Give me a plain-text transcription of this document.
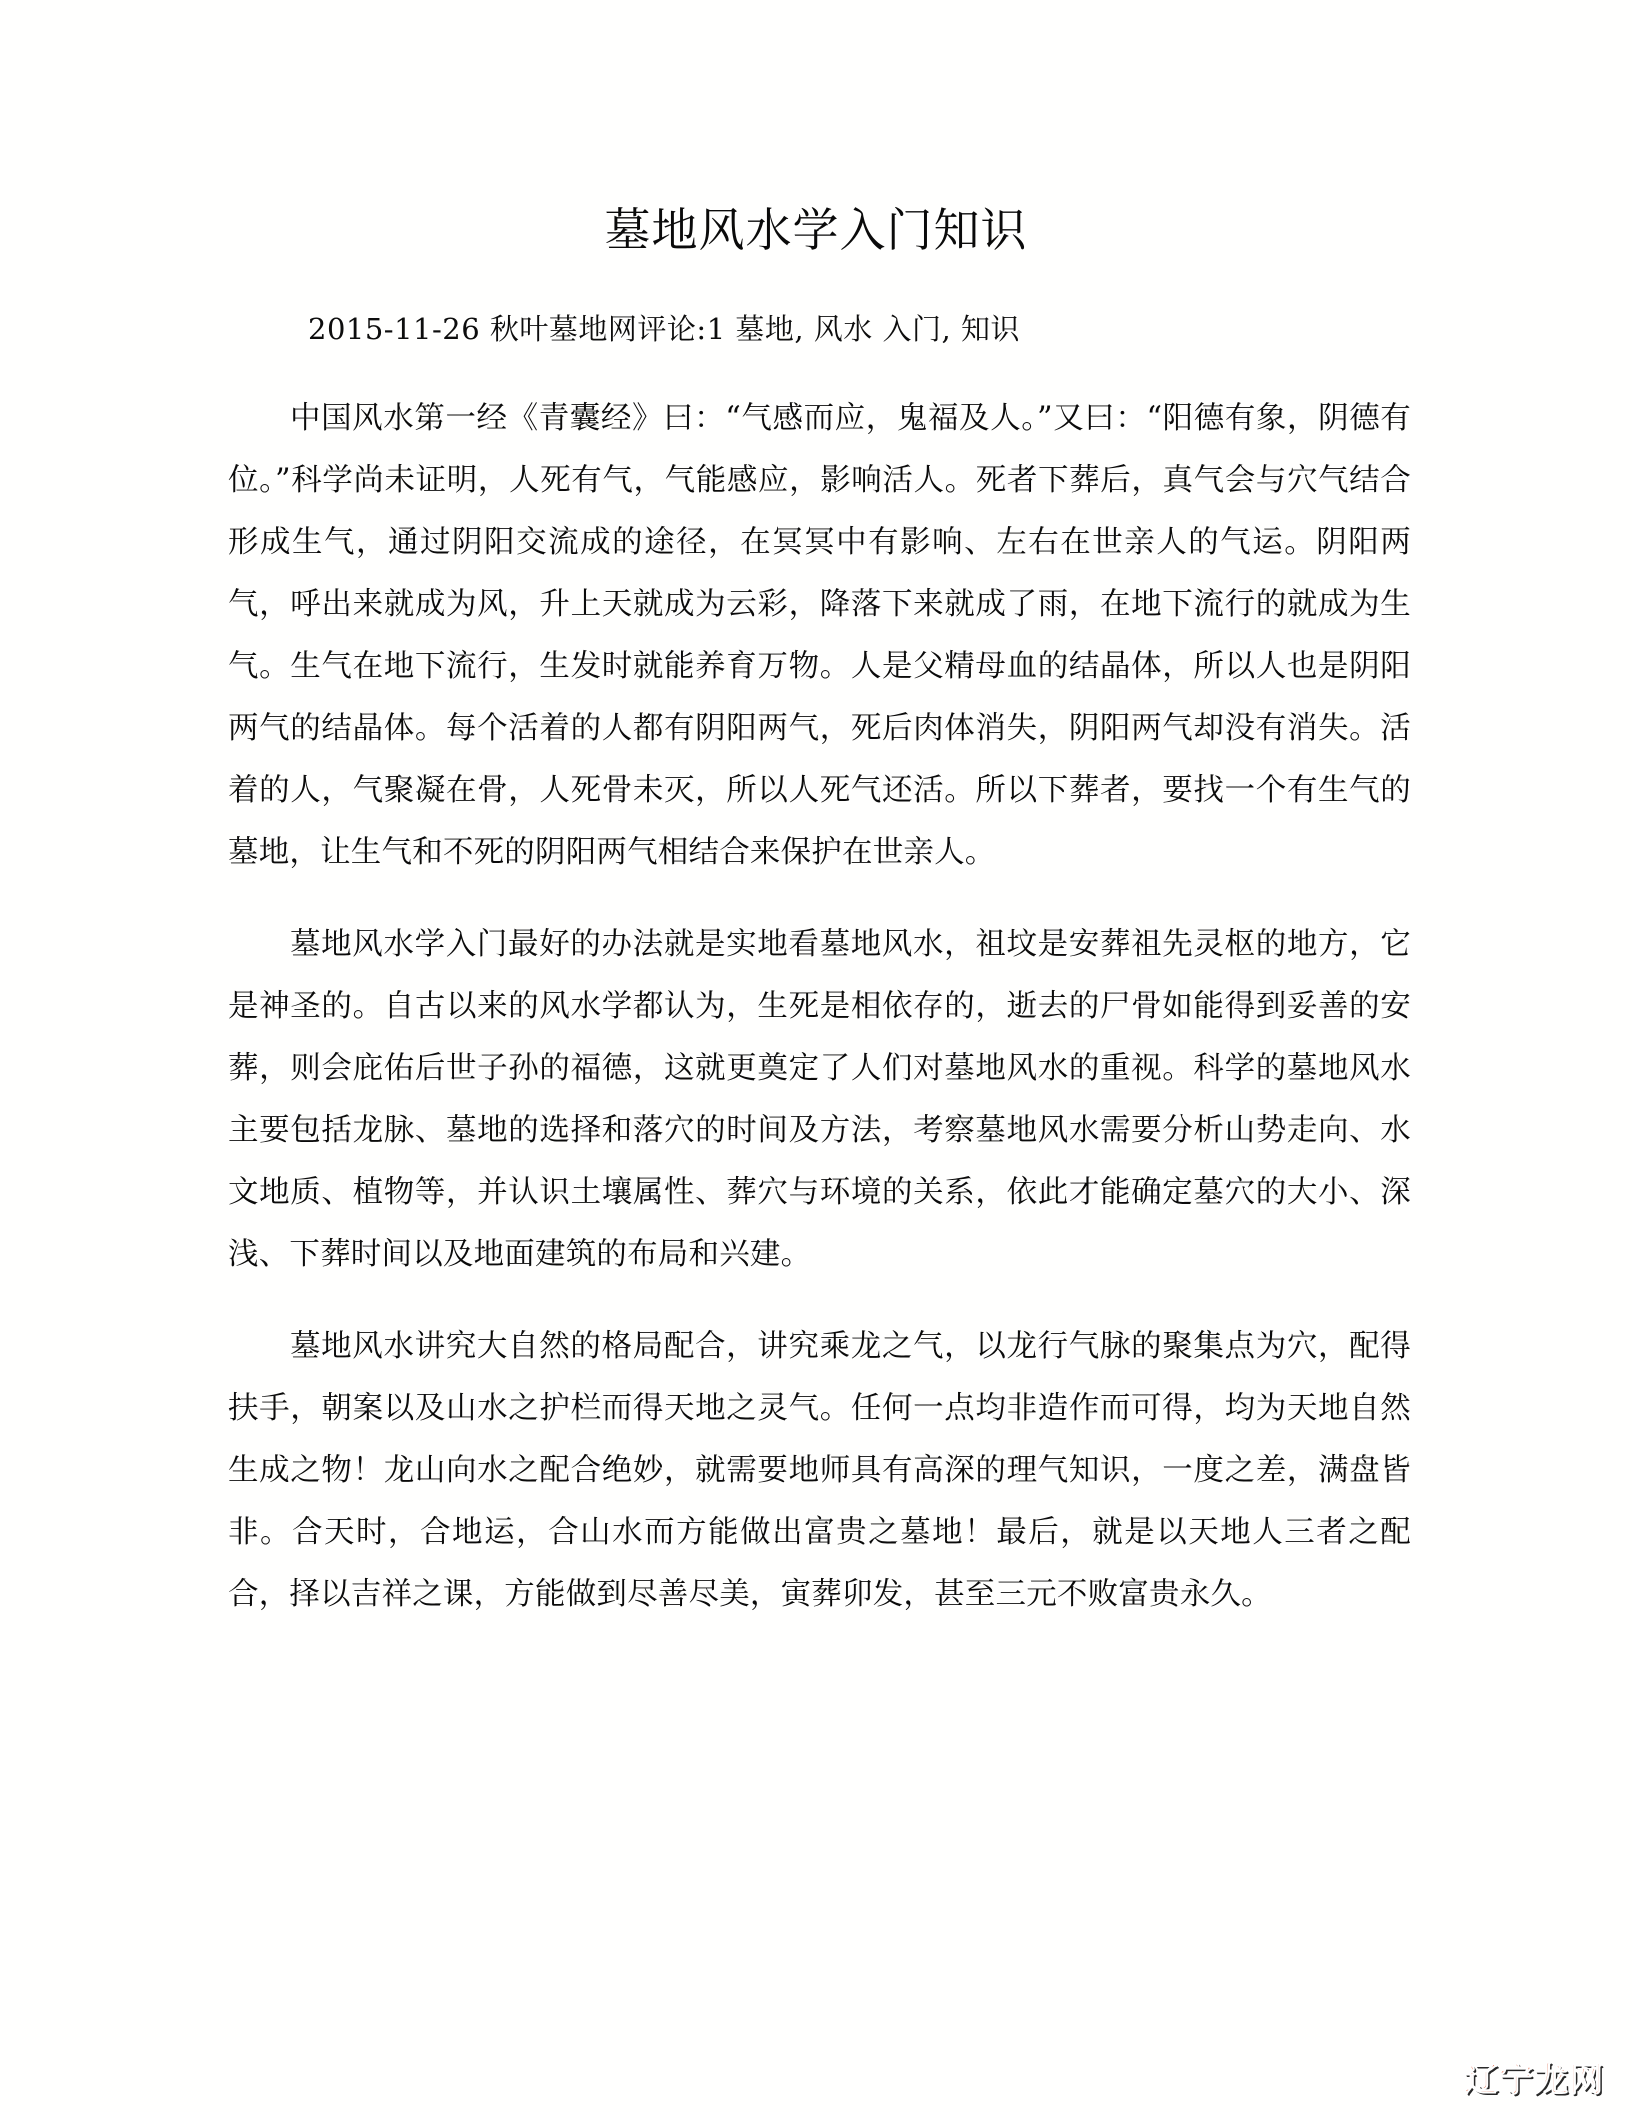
墓地风水学入门知识
2015-11-26 秋叶墓地网评论:1 墓地, 风水 入门, 知识

中国风水第一经《青囊经》曰：“气感而应，鬼福及人。”又曰：“阳德有象，阴德有位。”科学尚未证明，人死有气，气能感应，影响活人。死者下葬后，真气会与穴气结合形成生气，通过阴阳交流成的途径，在冥冥中有影响、左右在世亲人的气运。阴阳两气，呼出来就成为风，升上天就成为云彩，降落下来就成了雨，在地下流行的就成为生气。生气在地下流行，生发时就能养育万物。人是父精母血的结晶体，所以人也是阴阳两气的结晶体。每个活着的人都有阴阳两气，死后肉体消失，阴阳两气却没有消失。活着的人，气聚凝在骨，人死骨未灭，所以人死气还活。所以下葬者，要找一个有生气的墓地，让生气和不死的阴阳两气相结合来保护在世亲人。

墓地风水学入门最好的办法就是实地看墓地风水，祖坟是安葬祖先灵枢的地方，它是神圣的。自古以来的风水学都认为，生死是相依存的，逝去的尸骨如能得到妥善的安葬，则会庇佑后世子孙的福德，这就更奠定了人们对墓地风水的重视。科学的墓地风水主要包括龙脉、墓地的选择和落穴的时间及方法，考察墓地风水需要分析山势走向、水文地质、植物等，并认识土壤属性、葬穴与环境的关系，依此才能确定墓穴的大小、深浅、下葬时间以及地面建筑的布局和兴建。

墓地风水讲究大自然的格局配合，讲究乘龙之气，以龙行气脉的聚集点为穴，配得扶手，朝案以及山水之护栏而得天地之灵气。任何一点均非造作而可得，均为天地自然生成之物！龙山向水之配合绝妙，就需要地师具有高深的理气知识，一度之差，满盘皆非。合天时，合地运，合山水而方能做出富贵之墓地！最后，就是以天地人三者之配合，择以吉祥之课，方能做到尽善尽美，寅葬卯发，甚至三元不败富贵永久。

辽宁龙网
